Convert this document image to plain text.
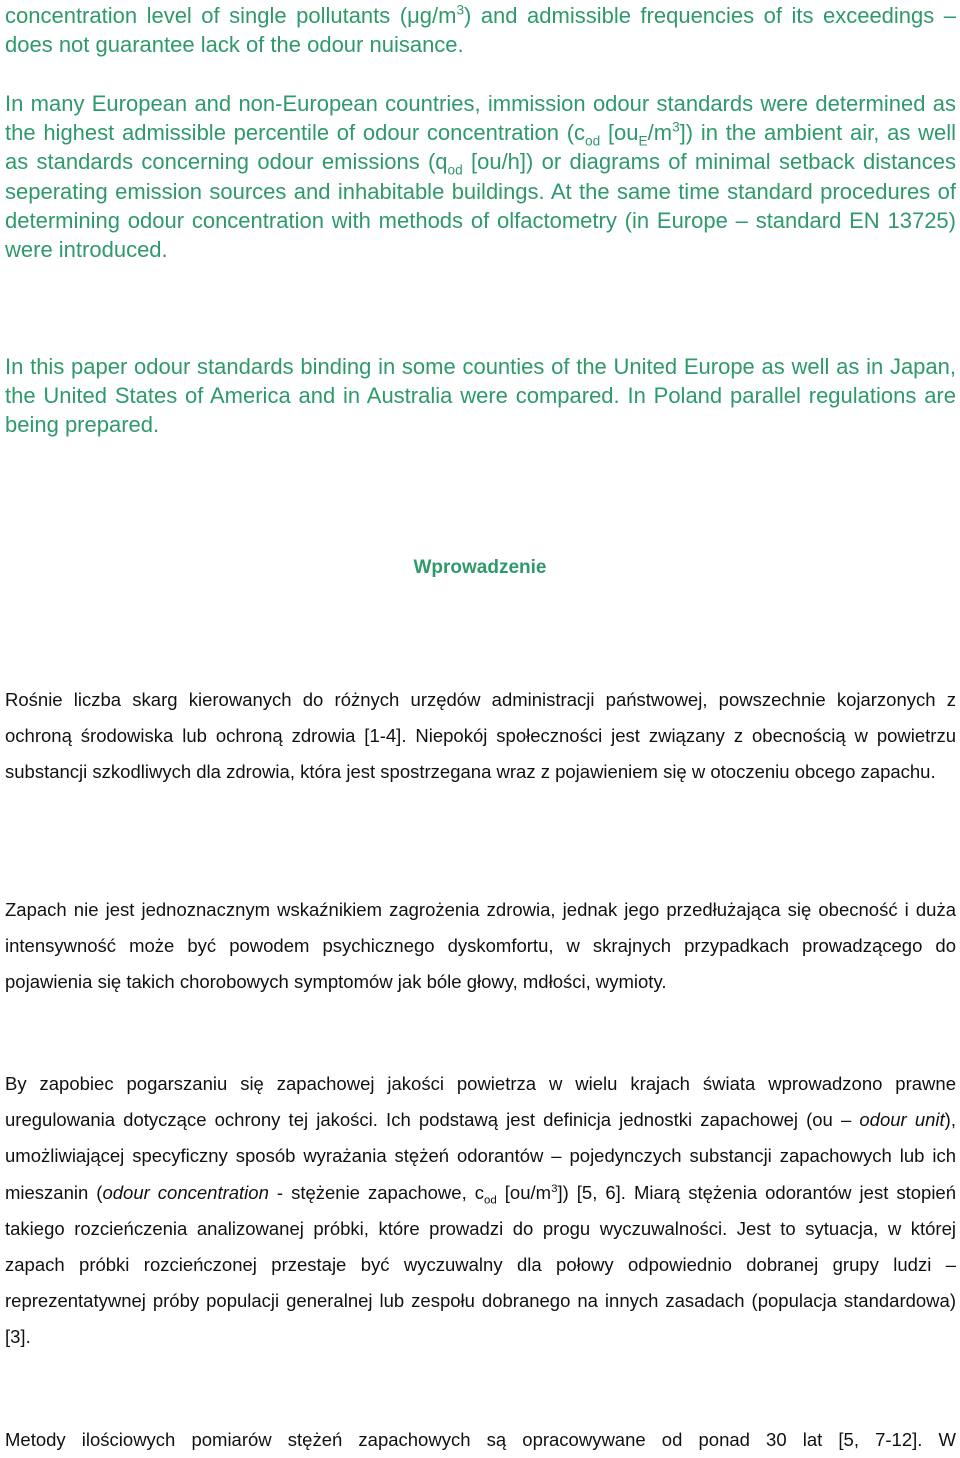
concentration level of single pollutants $(\mu g/m^3)$ and admissible frequencies of its exceedings – does not guarantee lack of the odour nuisance.

In many European and non-European countries, immission odour standards were determined as the highest admissible percentile of odour concentration ($c_{od}$ $[ou_E/m^3]$) in the ambient air, as well as standards concerning odour emissions ($q_{od}$ [ou/h]) or diagrams of minimal setback distances seperating emission sources and inhabitable buildings. At the same time standard procedures of determining odour concentration with methods of olfactometry (in Europe – standard EN 13725) were introduced.

In this paper odour standards binding in some counties of the United Europe as well as in Japan, the United States of America and in Australia were compared. In Poland parallel regulations are being prepared.

Wprowadzenie

Rośnie liczba skarg kierowanych do różnych urzędów administracji państwowej, powszechnie kojarzonych z ochroną środowiska lub ochroną zdrowia [1-4]. Niepokój społeczności jest związany z obecnością w powietrzu substancji szkodliwych dla zdrowia, która jest spostrzegana wraz z pojawieniem się w otoczeniu obcego zapachu.

Zapach nie jest jednoznacznym wskaźnikiem zagrożenia zdrowia, jednak jego przedłużająca się obecność i duża intensywność może być powodem psychicznego dyskomfortu, w skrajnych przypadkach prowadzącego do pojawienia się takich chorobowych symptomów jak bóle głowy, mdłości, wymioty.

By zapobiec pogarszaniu się zapachowej jakości powietrza w wielu krajach świata wprowadzono prawne uregulowania dotyczące ochrony tej jakości. Ich podstawą jest definicja jednostki zapachowej (ou – odour unit), umożliwiającej specyficzny sposób wyrażania stężeń odorantów – pojedynczych substancji zapachowych lub ich mieszanin (odour concentration - stężenie zapachowe, $c_{od}$ $[ou/m^3]$) [5, 6]. Miarą stężenia odorantów jest stopień takiego rozcieńczenia analizowanej próbki, które prowadzi do progu wyczuwalności. Jest to sytuacja, w której zapach próbki rozcieńczonej przestaje być wyczuwalny dla połowy odpowiednio dobranej grupy ludzi – reprezentatywnej próby populacji generalnej lub zespołu dobranego na innych zasadach (populacja standardowa) [3].

Metody ilościowych pomiarów stężeń zapachowych są opracowywane od ponad 30 lat [5, 7-12]. W
